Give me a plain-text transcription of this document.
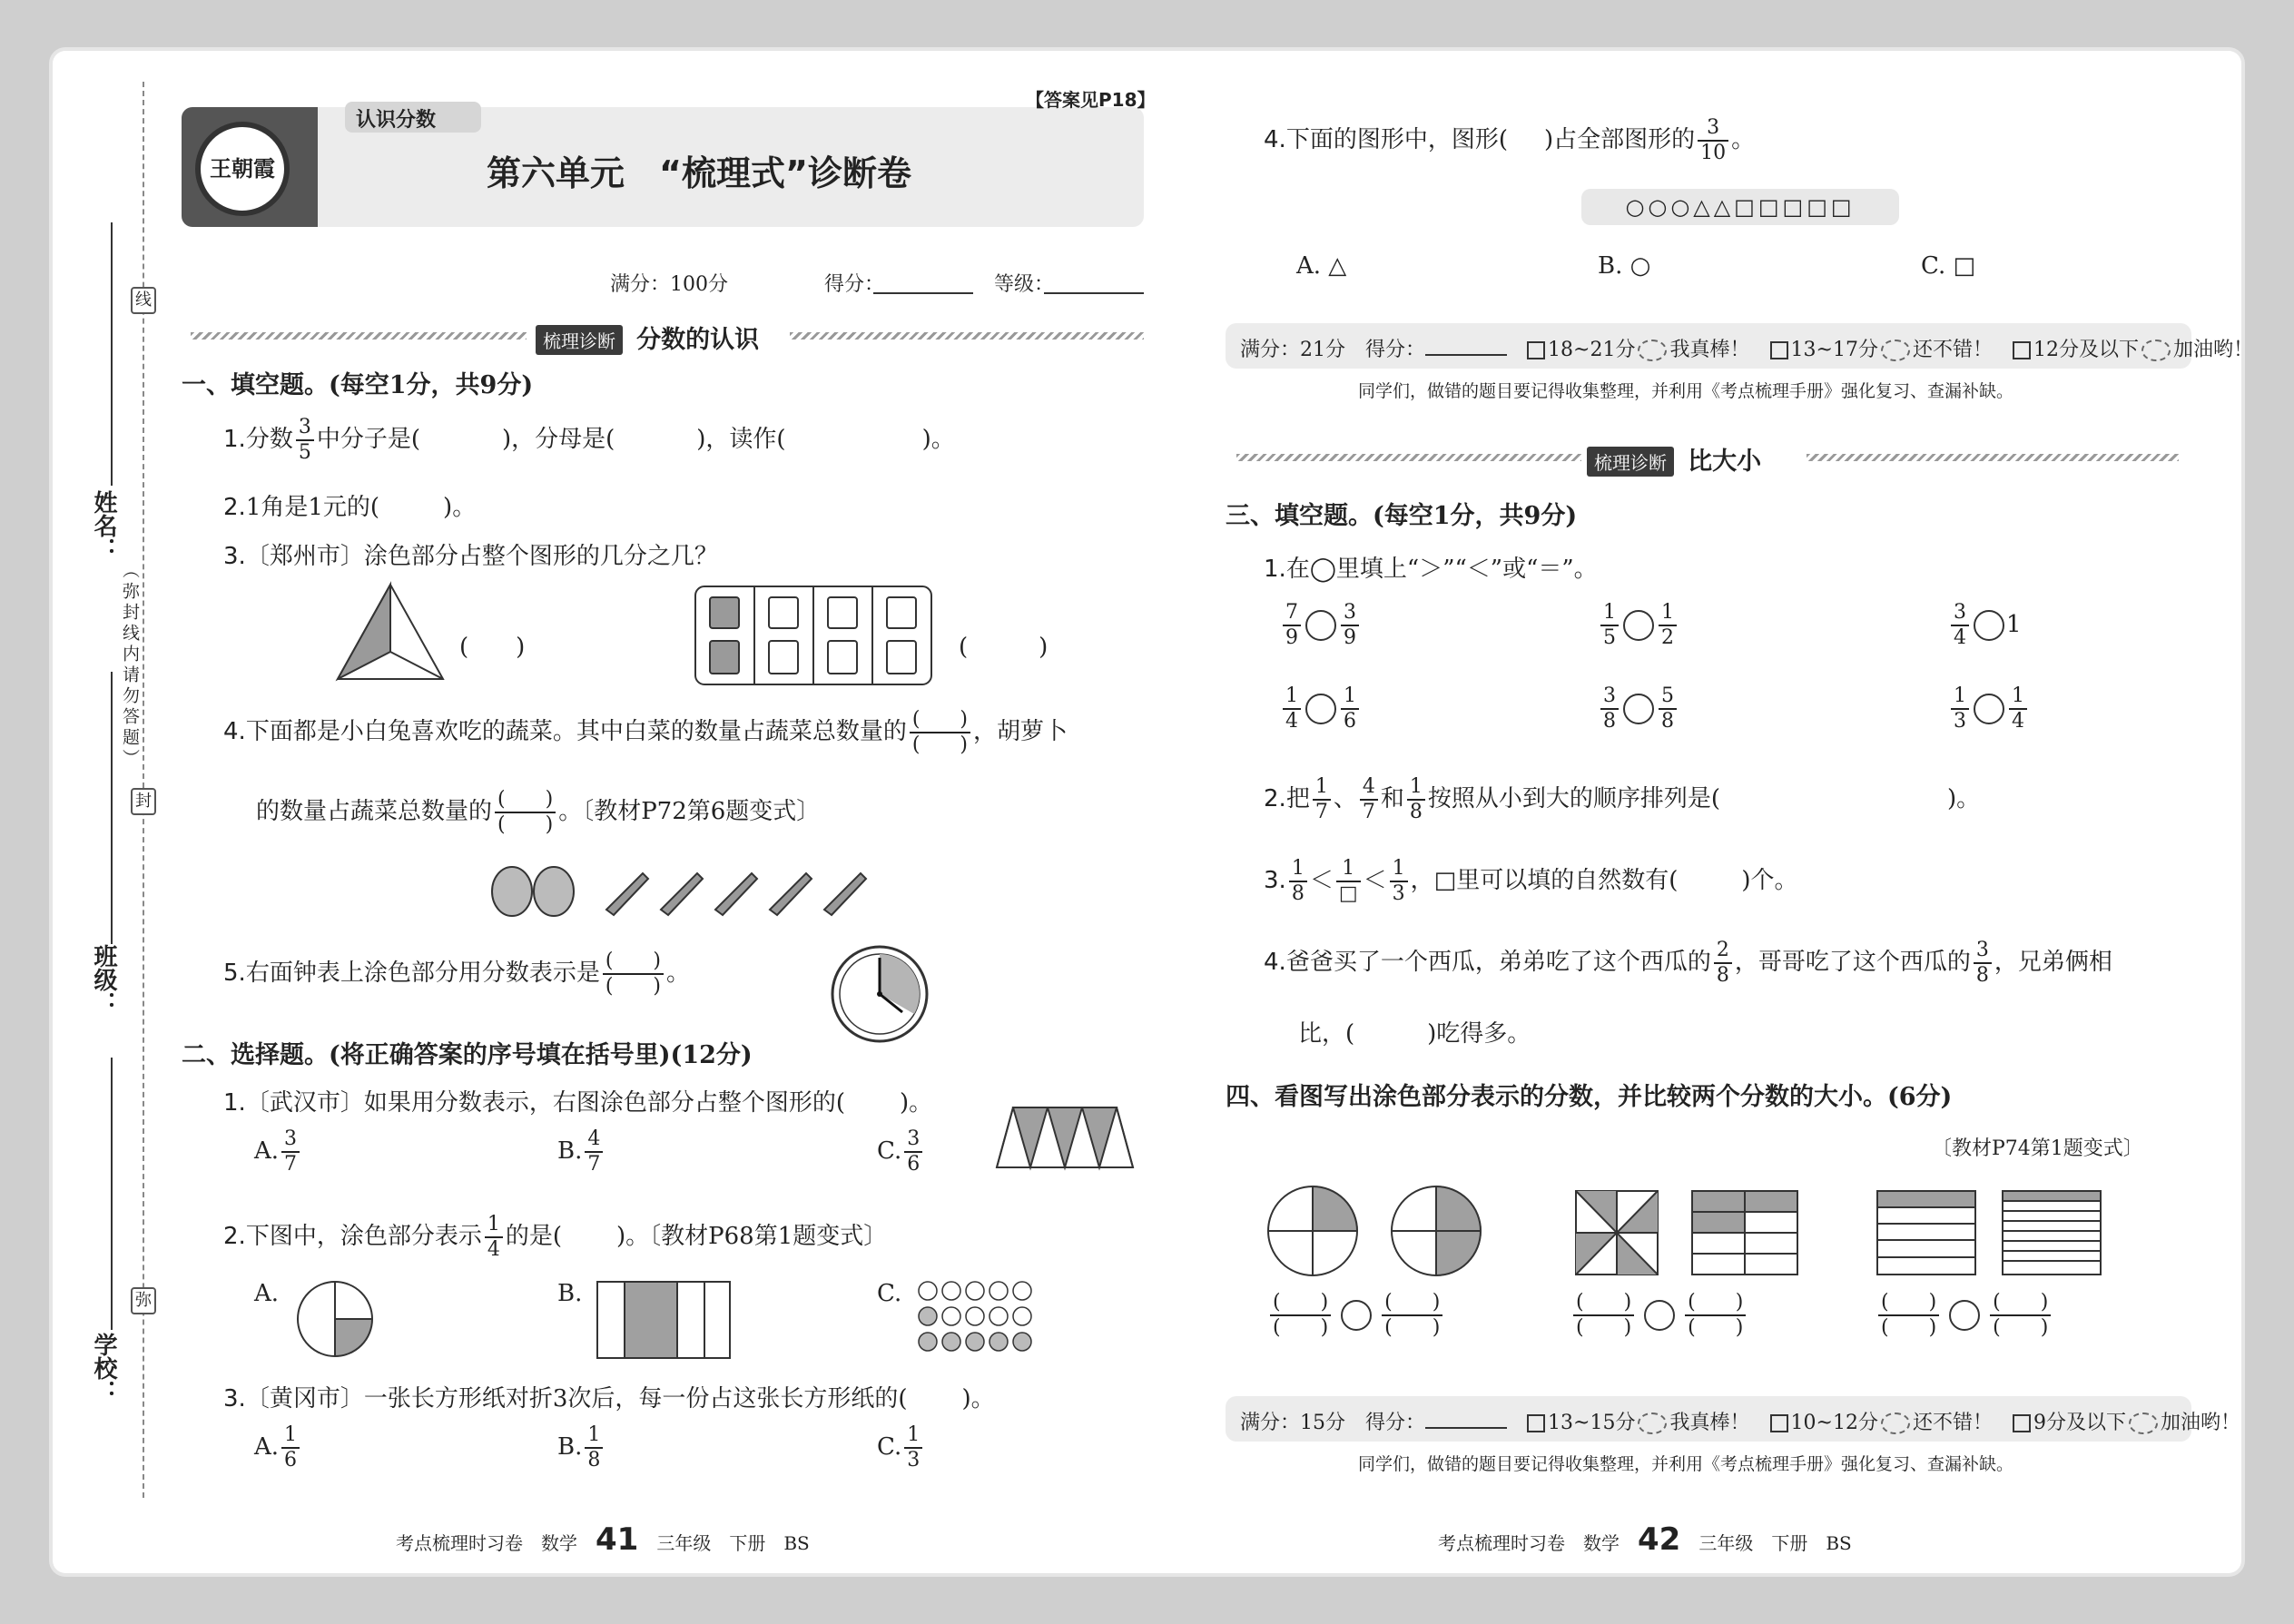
线
封
弥
（弥封线内请勿答题）
姓名：
班级：
学校：
王朝霞
【答案见P18】
认识分数
第六单元　“梳理式”诊断卷
满分：100分	得分：	等级：
梳理诊断 分数的认识
一、填空题。(每空1分，共9分)
1.分数 $\frac{3}{5}$ 中分子是(	)，分母是(	)，读作(	)。
2.1角是1元的(	)。
3.〔郑州市〕涂色部分占整个图形的几分之几？
(　　)	(　　　)
4.下面都是小白兔喜欢吃的蔬菜。其中白菜的数量占蔬菜总数量的 $\frac{( )}{( )}$ ，胡萝卜
的数量占蔬菜总数量的 $\frac{( )}{( )}$ 。〔教材P72第6题变式〕
5.右面钟表上涂色部分用分数表示是 $\frac{( )}{( )}$ 。
二、选择题。(将正确答案的序号填在括号里)(12分)
1.〔武汉市〕如果用分数表示，右图涂色部分占整个图形的( )。
A. $\frac{3}{7}$	B. $\frac{4}{7}$	C. $\frac{3}{6}$
2.下图中，涂色部分表示 $\frac{1}{4}$ 的是( )。〔教材P68第1题变式〕
A.	B.	C.
3.〔黄冈市〕一张长方形纸对折3次后，每一份占这张长方形纸的( )。
A. $\frac{1}{6}$	B. $\frac{1}{8}$	C. $\frac{1}{3}$
考点梳理时习卷　 数学　 41　 三年级　 下册　 BS
4.下面的图形中，图形( )占全部图形的 $\frac{3}{10}$ 。
○○○△△□□□□□
A. △	B. ○	C. □
满分：21分　 得分：　	18~21分 我真棒！　 13~17分 还不错！　 12分及以下 加油哟！
同学们，做错的题目要记得收集整理，并利用《考点梳理手册》强化复习、查漏补缺。
梳理诊断 比大小
三、填空题。(每空1分，共9分)
1.在◯里填上“＞”“＜”或“＝”。
$\frac{7}{9} \frac{3}{9}$	$\frac{1}{5} \frac{1}{2}$	$\frac{3}{4} 1$
$\frac{1}{4} \frac{1}{6}$	$\frac{3}{8} \frac{5}{8}$	$\frac{1}{3} \frac{1}{4}$
2.把 $\frac{1}{7}$ 、 $\frac{4}{7}$ 和 $\frac{1}{8}$ 按照从小到大的顺序排列是(	)。
3. $\frac{1}{8} < \frac{1}{□} < \frac{1}{3}$ ，□里可以填的自然数有(	)个。
4.爸爸买了一个西瓜，弟弟吃了这个西瓜的 $\frac{2}{8}$ ，哥哥吃了这个西瓜的 $\frac{3}{8}$ ，兄弟俩相
比，(	)吃得多。
四、看图写出涂色部分表示的分数，并比较两个分数的大小。(6分)
〔教材P74第1题变式〕
$\frac{( )}{( )}$	$\frac{( )}{( )}$	$\frac{( )}{( )}$	$\frac{( )}{( )}$	$\frac{( )}{( )}$	$\frac{( )}{( )}$
满分：15分　 得分：　	13~15分 我真棒！　 10~12分 还不错！　 9分及以下 加油哟！
同学们，做错的题目要记得收集整理，并利用《考点梳理手册》强化复习、查漏补缺。
考点梳理时习卷　 数学　 42　 三年级　 下册　 BS
